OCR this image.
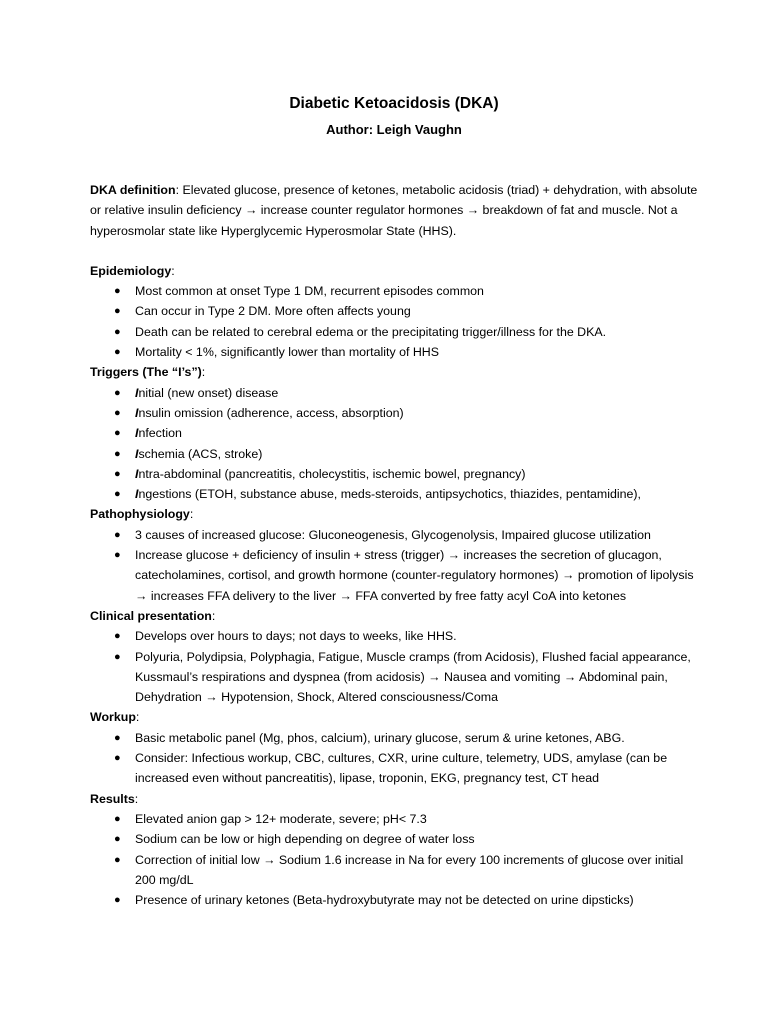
Diabetic Ketoacidosis (DKA)

Author: Leigh Vaughn

DKA definition: Elevated glucose, presence of ketones, metabolic acidosis (triad) + dehydration, with absolute or relative insulin deficiency → increase counter regulator hormones → breakdown of fat and muscle. Not a hyperosmolar state like Hyperglycemic Hyperosmolar State (HHS).

Epidemiology:

● Most common at onset Type 1 DM, recurrent episodes common
● Can occur in Type 2 DM. More often affects young
● Death can be related to cerebral edema or the precipitating trigger/illness for the DKA.
● Mortality < 1%, significantly lower than mortality of HHS

Triggers (The “I’s”):

● Initial (new onset) disease
● Insulin omission (adherence, access, absorption)
● Infection
● Ischemia (ACS, stroke)
● Intra-abdominal (pancreatitis, cholecystitis, ischemic bowel, pregnancy)
● Ingestions (ETOH, substance abuse, meds-steroids, antipsychotics, thiazides, pentamidine),

Pathophysiology:

● 3 causes of increased glucose: Gluconeogenesis, Glycogenolysis, Impaired glucose utilization
● Increase glucose + deficiency of insulin + stress (trigger) → increases the secretion of glucagon, catecholamines, cortisol, and growth hormone (counter-regulatory hormones) → promotion of lipolysis → increases FFA delivery to the liver → FFA converted by free fatty acyl CoA into ketones

Clinical presentation:

● Develops over hours to days; not days to weeks, like HHS.
● Polyuria, Polydipsia, Polyphagia, Fatigue, Muscle cramps (from Acidosis), Flushed facial appearance, Kussmaul’s respirations and dyspnea (from acidosis) → Nausea and vomiting → Abdominal pain, Dehydration → Hypotension, Shock, Altered consciousness/Coma

Workup:

● Basic metabolic panel (Mg, phos, calcium), urinary glucose, serum & urine ketones, ABG.
● Consider: Infectious workup, CBC, cultures, CXR, urine culture, telemetry, UDS, amylase (can be increased even without pancreatitis), lipase, troponin, EKG, pregnancy test, CT head

Results:

● Elevated anion gap > 12+ moderate, severe; pH< 7.3
● Sodium can be low or high depending on degree of water loss
● Correction of initial low → Sodium 1.6 increase in Na for every 100 increments of glucose over initial 200 mg/dL
● Presence of urinary ketones (Beta-hydroxybutyrate may not be detected on urine dipsticks)
